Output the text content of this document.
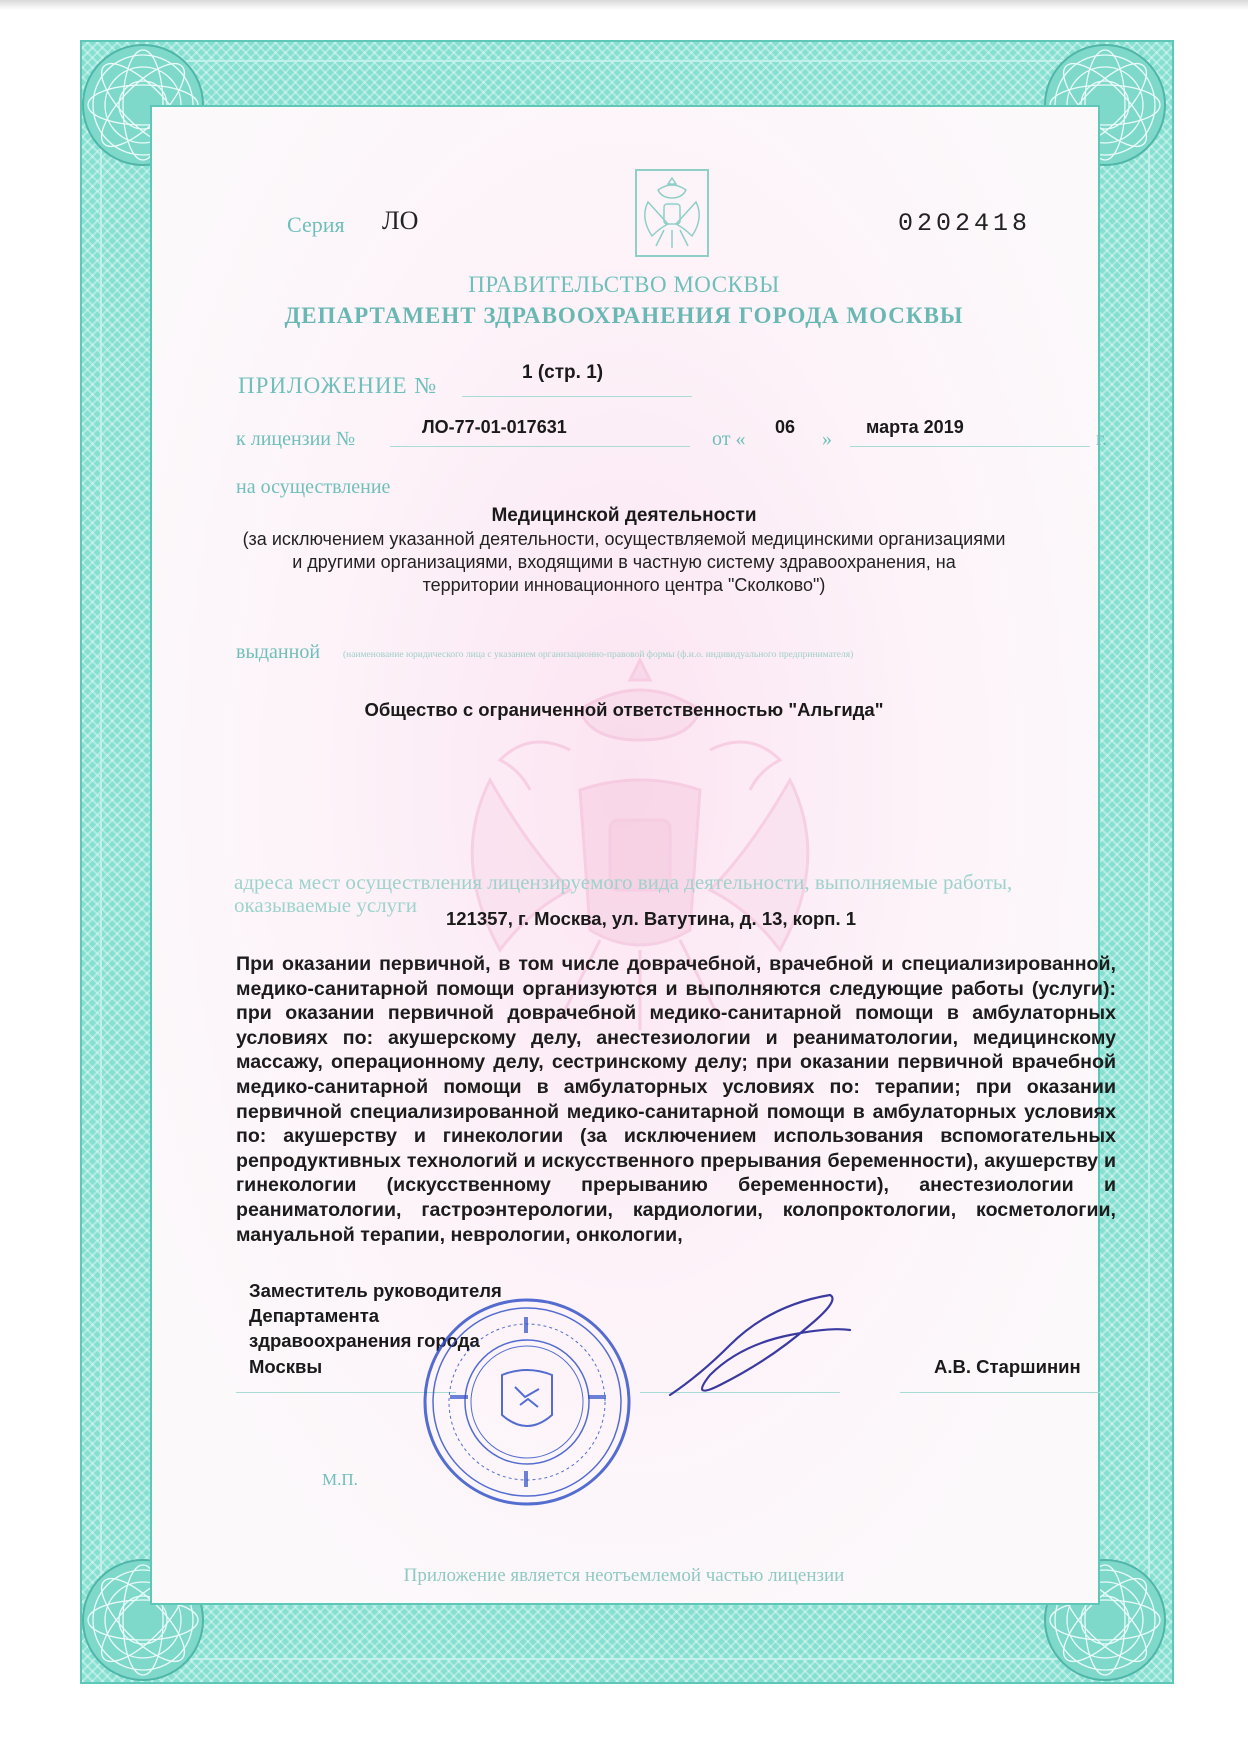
Серия ЛО	0202418
ПРАВИТЕЛЬСТВО МОСКВЫ
ДЕПАРТАМЕНТ ЗДРАВООХРАНЕНИЯ ГОРОДА МОСКВЫ
ПРИЛОЖЕНИЕ №
1 (стр. 1)
к лицензии №
ЛО-77-01-017631
от «
06
»
марта 2019
г.
на осуществление
Медицинской деятельности
(за исключением указанной деятельности, осуществляемой медицинскими организациями
и другими организациями, входящими в частную систему здравоохранения, на
территории инновационного центра "Сколково")
выданной (наименование юридического лица с указанием организационно-правовой формы (ф.и.о. индивидуального предпринимателя)
Общество с ограниченной ответственностью "Альгида"
адреса мест осуществления лицензируемого вида деятельности, выполняемые работы,
оказываемые услуги
121357, г. Москва, ул. Ватутина, д. 13, корп. 1
При оказании первичной, в том числе доврачебной, врачебной и специализированной, медико-санитарной помощи организуются и выполняются следующие работы (услуги): при оказании первичной доврачебной медико-санитарной помощи в амбулаторных условиях по: акушерскому делу, анестезиологии и реаниматологии, медицинскому массажу, операционному делу, сестринскому делу; при оказании первичной врачебной медико-санитарной помощи в амбулаторных условиях по: терапии; при оказании первичной специализированной медико-санитарной помощи в амбулаторных условиях по: акушерству и гинекологии (за исключением использования вспомогательных репродуктивных технологий и искусственного прерывания беременности), акушерству и гинекологии (искусственному прерыванию беременности), анестезиологии и реаниматологии, гастроэнтерологии, кардиологии, колопроктологии, косметологии, мануальной терапии, неврологии, онкологии,
Заместитель руководителя
Департамента
здравоохранения города
Москвы	А.В. Старшинин
М.П.
Приложение является неотъемлемой частью лицензии
